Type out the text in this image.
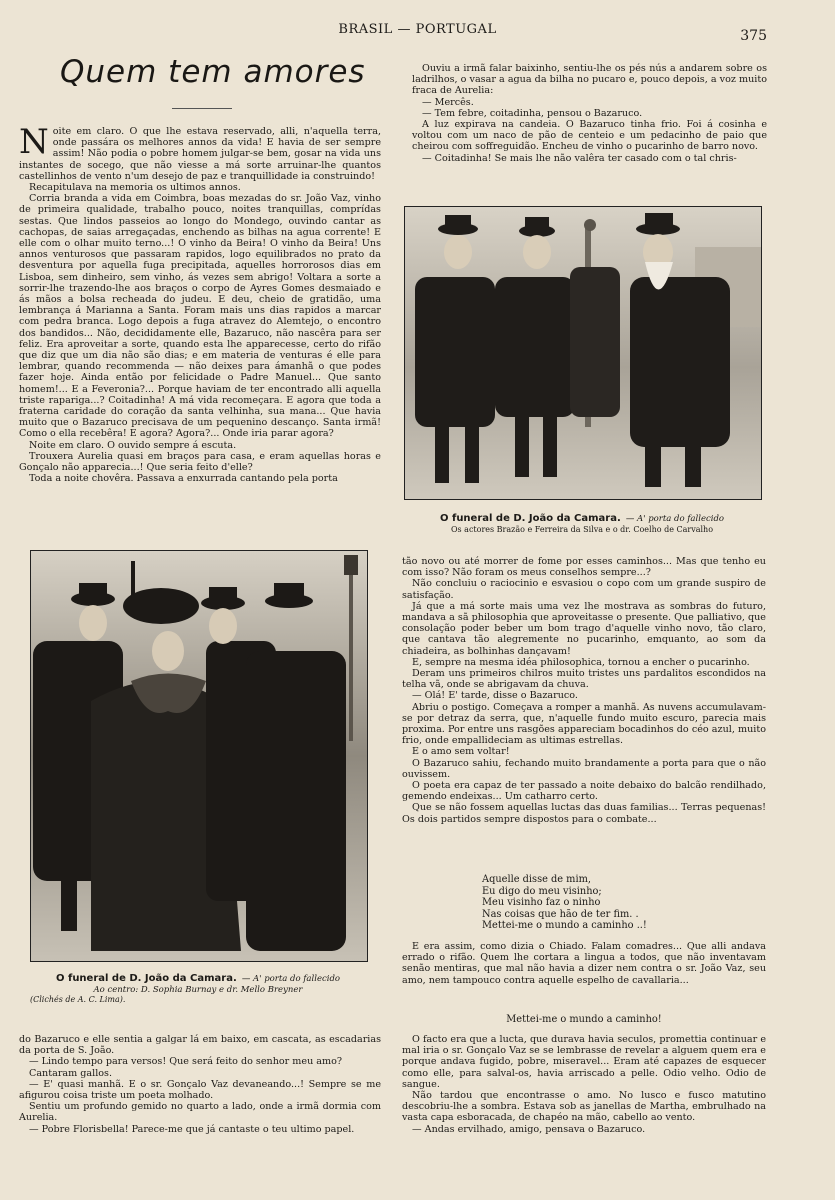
BRASIL — PORTUGAL	375
Quem tem amores

Noite em claro. O que lhe estava reservado, alli, n'aquella terra, onde passára os melhores annos da vida! E havia de ser sempre assim! Não podia o pobre homem julgar-se bem, gosar na vida uns instantes de socego, que não viesse a má sorte arruinar-lhe quantos castellinhos de vento n'um desejo de paz e tranquillidade ia construindo!

Recapitulava na memoria os ultimos annos.

Corria branda a vida em Coimbra, boas mezadas do sr. João Vaz, vinho de primeira qualidade, trabalho pouco, noites tranquillas, comprídas sestas. Que lindos passeios ao longo do Mondego, ouvindo cantar as cachopas, de saias arregaçadas, enchendo as bilhas na agua corrente! E elle com o olhar muito terno...! O vinho da Beira! O vinho da Beira! Uns annos venturosos que passaram rapidos, logo equilibrados no prato da desventura por aquella fuga precipitada, aquelles horrorosos dias em Lisboa, sem dinheiro, sem vinho, ás vezes sem abrigo! Voltara a sorte a sorrir-lhe trazendo-lhe aos braços o corpo de Ayres Gomes desmaiado e ás mãos a bolsa recheada do judeu. E deu, cheio de gratidão, uma lembrança á Marianna a Santa. Foram mais uns dias rapidos a marcar com pedra branca. Logo depois a fuga atravez do Alemtejo, o encontro dos bandidos... Não, decididamente elle, Bazaruco, não nascêra para ser feliz. Era aproveitar a sorte, quando esta lhe apparecesse, certo do rifão que diz que um dia não são dias; e em materia de venturas é elle para lembrar, quando recommenda — não deixes para ámanhã o que podes fazer hoje. Ainda então por felicidade o Padre Manuel... Que santo homem!... E a Feveronia?... Porque haviam de ter encontrado alli aquella triste rapariga...? Coitadinha! A má vida recomeçara. E agora que toda a fraterna caridade do coração da santa velhinha, sua mana... Que havia muito que o Bazaruco precisava de um pequenino descanço. Santa irmã! Como o ella recebêra! E agora? Agora?... Onde iria parar agora?

Noite em claro. O ouvido sempre á escuta.

Trouxera Aurelia quasi em braços para casa, e eram aquellas horas e Gonçalo não apparecia...! Que seria feito d'elle?

Toda a noite chovêra. Passava a enxurrada cantando pela porta

Ouviu a irmã falar baixinho, sentiu-lhe os pés nús a andarem sobre os ladrilhos, o vasar a agua da bilha no pucaro e, pouco depois, a voz muito fraca de Aurelia:

— Mercês.

— Tem febre, coitadinha, pensou o Bazaruco.

A luz expirava na candeia. O Bazaruco tinha frio. Foi á cosinha e voltou com um naco de pão de centeio e um pedacinho de paio que cheirou com soffreguidão. Encheu de vinho o pucarinho de barro novo.

— Coitadinha! Se mais lhe não valêra ter casado com o tal chris-

O funeral de D. João da Camara. — A' porta do fallecido
Os actores Brazão e Ferreira da Silva e o dr. Coelho de Carvalho
O funeral de D. João da Camara. — A' porta do fallecido
Ao centro: D. Sophia Burnay e dr. Mello Breyner
(Clichés de A. C. Lima).

tão novo ou até morrer de fome por esses caminhos... Mas que tenho eu com isso? Não foram os meus conselhos sempre...?

Não concluiu o raciocinio e esvasiou o copo com um grande suspiro de satisfação.

Já que a má sorte mais uma vez lhe mostrava as sombras do futuro, mandava a sã philosophia que aproveitasse o presente. Que palliativo, que consolação poder beber um bom trago d'aquelle vinho novo, tão claro, que cantava tão alegremente no pucarinho, emquanto, ao som da chiadeira, as bolhinhas dançavam!

E, sempre na mesma idéa philosophica, tornou a encher o pucarinho.

Deram uns primeiros chilros muito tristes uns pardalitos escondidos na telha vã, onde se abrigavam da chuva.

— Olá! E' tarde, disse o Bazaruco.

Abriu o postigo. Começava a romper a manhã. As nuvens accumulavam-se por detraz da serra, que, n'aquelle fundo muito escuro, parecia mais proxima. Por entre uns rasgões appareciam bocadinhos do céo azul, muito frio, onde empallideciam as ultimas estrellas.

E o amo sem voltar!

O Bazaruco sahiu, fechando muito brandamente a porta para que o não ouvissem.

O poeta era capaz de ter passado a noite debaixo do balcão rendilhado, gemendo endeixas... Um catharro certo.

Que se não fossem aquellas luctas das duas familias... Terras pequenas! Os dois partidos sempre dispostos para o combate...

Aquelle disse de mim,
Eu digo do meu visinho;
Meu visinho faz o ninho
Nas coisas que hão de ter fim. .
Mettei-me o mundo a caminho ..!

E era assim, como dizia o Chiado. Falam comadres... Que alli andava errado o rifão. Quem lhe cortara a lingua a todos, que não inventavam senão mentiras, que mal não havia a dizer nem contra o sr. João Vaz, seu amo, nem tampouco contra aquelle espelho de cavallaria...

Mettei-me o mundo a caminho!

O facto era que a lucta, que durava havia seculos, promettia continuar e mal iria o sr. Gonçalo Vaz se se lembrasse de revelar a alguem quem era e porque andava fugido, pobre, miseravel... Eram até capazes de esquecer como elle, para salval-os, havia arriscado a pelle. Odio velho. Odio de sangue.

Não tardou que encontrasse o amo. No lusco e fusco matutino descobriu-lhe a sombra. Estava sob as janellas de Martha, embrulhado na vasta capa esboracada, de chapéo na mão, cabello ao vento.

— Andas ervilhado, amigo, pensava o Bazaruco.

do Bazaruco e elle sentia a galgar lá em baixo, em cascata, as escadarias da porta de S. João.

— Lindo tempo para versos! Que será feito do senhor meu amo?

Cantaram gallos.

— E' quasi manhã. E o sr. Gonçalo Vaz devaneando...! Sempre se me afigurou coisa triste um poeta molhado.

Sentiu um profundo gemido no quarto a lado, onde a irmã dormia com Aurelia.

— Pobre Florisbella! Parece-me que já cantaste o teu ultimo papel.
